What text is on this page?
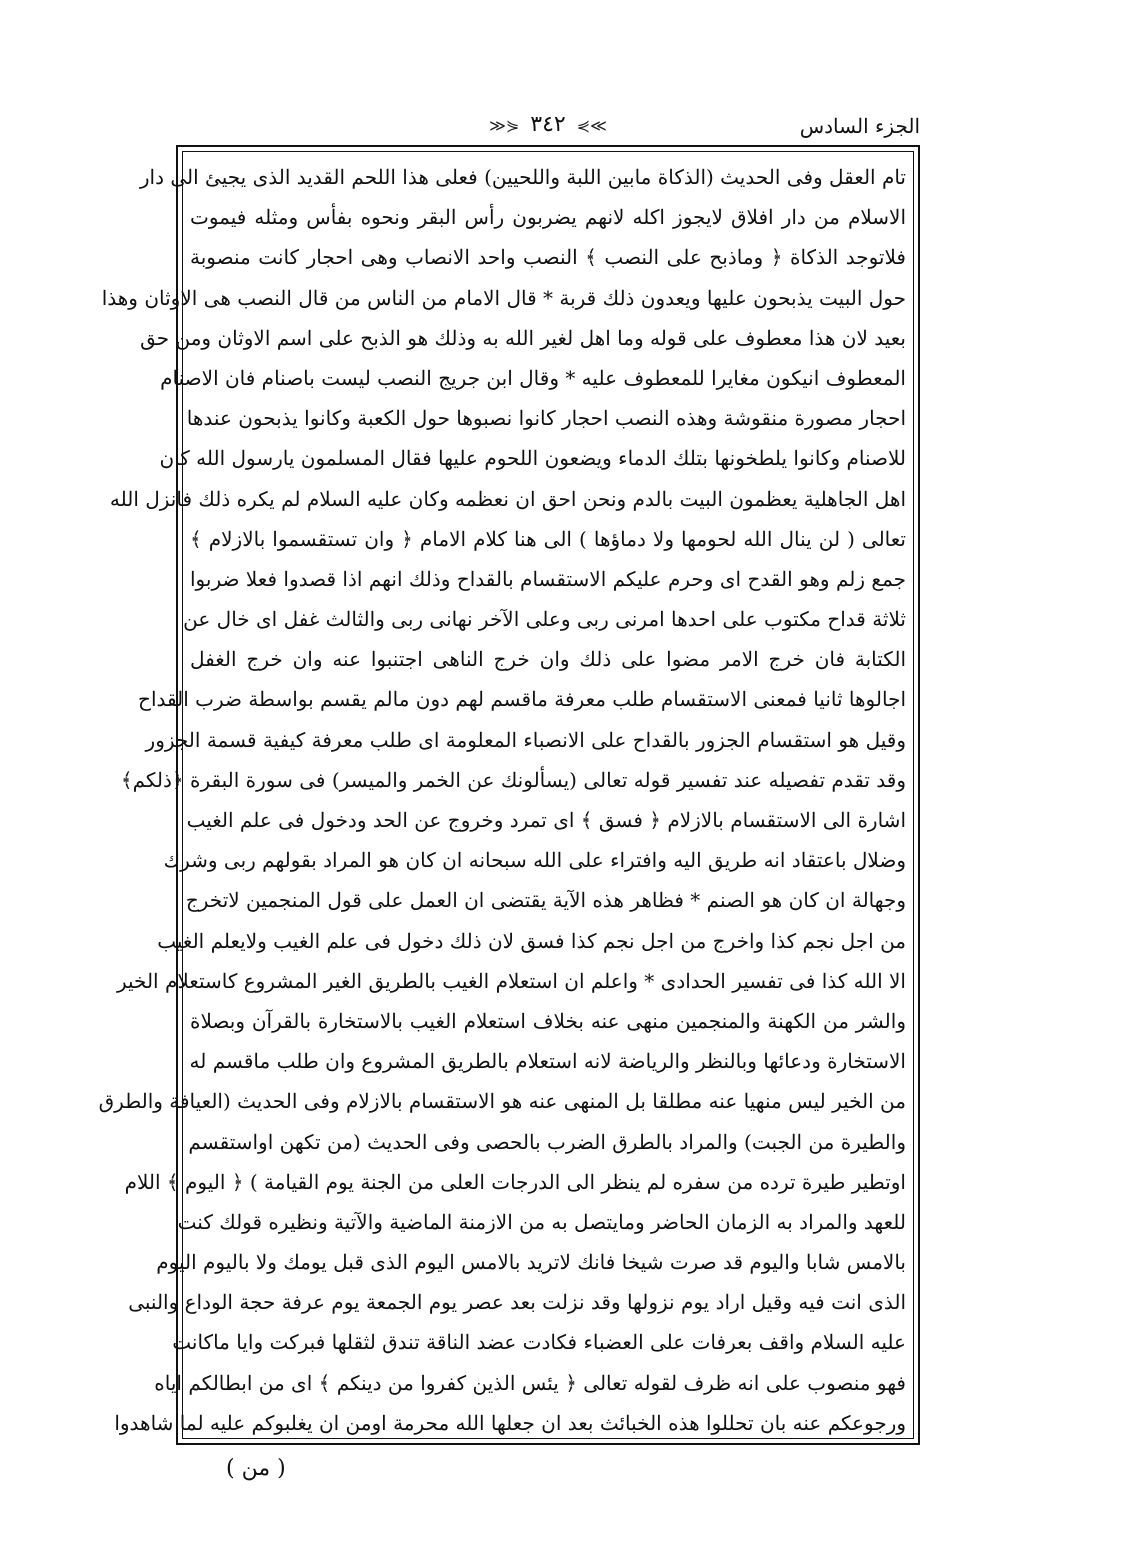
الجزء السادس
≫⋟ ٣٤٢ ⋞≪
تام العقل وفى الحديث (الذكاة مابين اللبة واللحيين) فعلى هذا اللحم القديد الذى يجيئ الى دار
الاسلام من دار افلاق لايجوز اكله لانهم يضربون رأس البقر ونحوه بفأس ومثله فيموت
فلاتوجد الذكاة ﴿ وماذبح على النصب ﴾ النصب واحد الانصاب وهى احجار كانت منصوبة
حول البيت يذبحون عليها ويعدون ذلك قربة * قال الامام من الناس من قال النصب هى الاوثان وهذا
بعيد لان هذا معطوف على قوله وما اهل لغير الله به وذلك هو الذبح على اسم الاوثان ومن حق
المعطوف انيكون مغايرا للمعطوف عليه * وقال ابن جريج النصب ليست باصنام فان الاصنام
احجار مصورة منقوشة وهذه النصب احجار كانوا نصبوها حول الكعبة وكانوا يذبحون عندها
للاصنام وكانوا يلطخونها بتلك الدماء ويضعون اللحوم عليها فقال المسلمون يارسول الله كان
اهل الجاهلية يعظمون البيت بالدم ونحن احق ان نعظمه وكان عليه السلام لم يكره ذلك فانزل الله
تعالى ( لن ينال الله لحومها ولا دماؤها ) الى هنا كلام الامام ﴿ وان تستقسموا بالازلام ﴾
جمع زلم وهو القدح اى وحرم عليكم الاستقسام بالقداح وذلك انهم اذا قصدوا فعلا ضربوا
ثلاثة قداح مكتوب على احدها امرنى ربى وعلى الآخر نهانى ربى والثالث غفل اى خال عن
الكتابة فان خرج الامر مضوا على ذلك وان خرج الناهى اجتنبوا عنه وان خرج الغفل
اجالوها ثانيا فمعنى الاستقسام طلب معرفة ماقسم لهم دون مالم يقسم بواسطة ضرب القداح
وقيل هو استقسام الجزور بالقداح على الانصباء المعلومة اى طلب معرفة كيفية قسمة الجزور
وقد تقدم تفصيله عند تفسير قوله تعالى (يسألونك عن الخمر والميسر) فى سورة البقرة ﴿ذلكم﴾
اشارة الى الاستقسام بالازلام ﴿ فسق ﴾ اى تمرد وخروج عن الحد ودخول فى علم الغيب
وضلال باعتقاد انه طريق اليه وافتراء على الله سبحانه ان كان هو المراد بقولهم ربى وشرك
وجهالة ان كان هو الصنم * فظاهر هذه الآية يقتضى ان العمل على قول المنجمين لاتخرج
من اجل نجم كذا واخرج من اجل نجم كذا فسق لان ذلك دخول فى علم الغيب ولايعلم الغيب
الا الله كذا فى تفسير الحدادى * واعلم ان استعلام الغيب بالطريق الغير المشروع كاستعلام الخير
والشر من الكهنة والمنجمين منهى عنه بخلاف استعلام الغيب بالاستخارة بالقرآن وبصلاة
الاستخارة ودعائها وبالنظر والرياضة لانه استعلام بالطريق المشروع وان طلب ماقسم له
من الخير ليس منهيا عنه مطلقا بل المنهى عنه هو الاستقسام بالازلام وفى الحديث (العيافة والطرق
والطيرة من الجبت) والمراد بالطرق الضرب بالحصى وفى الحديث (من تكهن اواستقسم
اوتطير طيرة ترده من سفره لم ينظر الى الدرجات العلى من الجنة يوم القيامة ) ﴿ اليوم ﴾ اللام
للعهد والمراد به الزمان الحاضر ومايتصل به من الازمنة الماضية والآتية ونظيره قولك كنت
بالامس شابا واليوم قد صرت شيخا فانك لاتريد بالامس اليوم الذى قبل يومك ولا باليوم اليوم
الذى انت فيه وقيل اراد يوم نزولها وقد نزلت بعد عصر يوم الجمعة يوم عرفة حجة الوداع والنبى
عليه السلام واقف بعرفات على العضباء فكادت عضد الناقة تندق لثقلها فبركت وايا ماكانت
فهو منصوب على انه ظرف لقوله تعالى ﴿ يئس الذين كفروا من دينكم ﴾ اى من ابطالكم اياه
ورجوعكم عنه بان تحللوا هذه الخبائث بعد ان جعلها الله محرمة اومن ان يغلبوكم عليه لما شاهدوا
( من )
